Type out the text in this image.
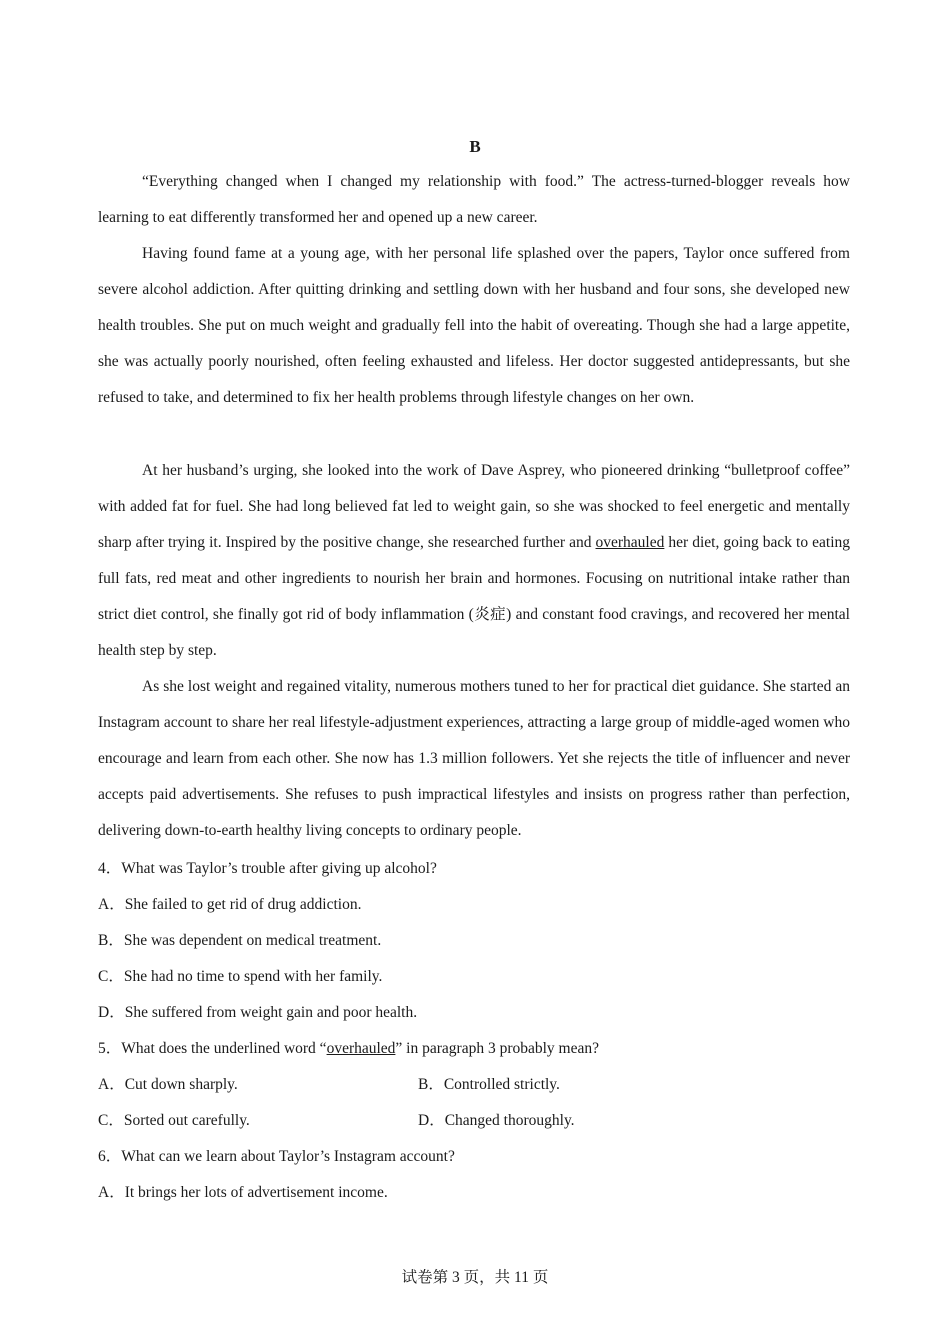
B

“Everything changed when I changed my relationship with food.” The actress-turned-blogger reveals how learning to eat differently transformed her and opened up a new career.

Having found fame at a young age, with her personal life splashed over the papers, Taylor once suffered from severe alcohol addiction. After quitting drinking and settling down with her husband and four sons, she developed new health troubles. She put on much weight and gradually fell into the habit of overeating. Though she had a large appetite, she was actually poorly nourished, often feeling exhausted and lifeless. Her doctor suggested antidepressants, but she refused to take, and determined to fix her health problems through lifestyle changes on her own.

At her husband’s urging, she looked into the work of Dave Asprey, who pioneered drinking “bulletproof coffee” with added fat for fuel. She had long believed fat led to weight gain, so she was shocked to feel energetic and mentally sharp after trying it. Inspired by the positive change, she researched further and overhauled her diet, going back to eating full fats, red meat and other ingredients to nourish her brain and hormones. Focusing on nutritional intake rather than strict diet control, she finally got rid of body inflammation (炎症) and constant food cravings, and recovered her mental health step by step.

As she lost weight and regained vitality, numerous mothers tuned to her for practical diet guidance. She started an Instagram account to share her real lifestyle-adjustment experiences, attracting a large group of middle-aged women who encourage and learn from each other. She now has 1.3 million followers. Yet she rejects the title of influencer and never accepts paid advertisements. She refuses to push impractical lifestyles and insists on progress rather than perfection, delivering down-to-earth healthy living concepts to ordinary people.

4．What was Taylor’s trouble after giving up alcohol?
A．She failed to get rid of drug addiction.
B．She was dependent on medical treatment.
C．She had no time to spend with her family.
D．She suffered from weight gain and poor health.
5．What does the underlined word “overhauled” in paragraph 3 probably mean?
A．Cut down sharply.	B．Controlled strictly.
C．Sorted out carefully.	D．Changed thoroughly.
6．What can we learn about Taylor’s Instagram account?
A．It brings her lots of advertisement income.
试卷第 3 页，共 11 页
